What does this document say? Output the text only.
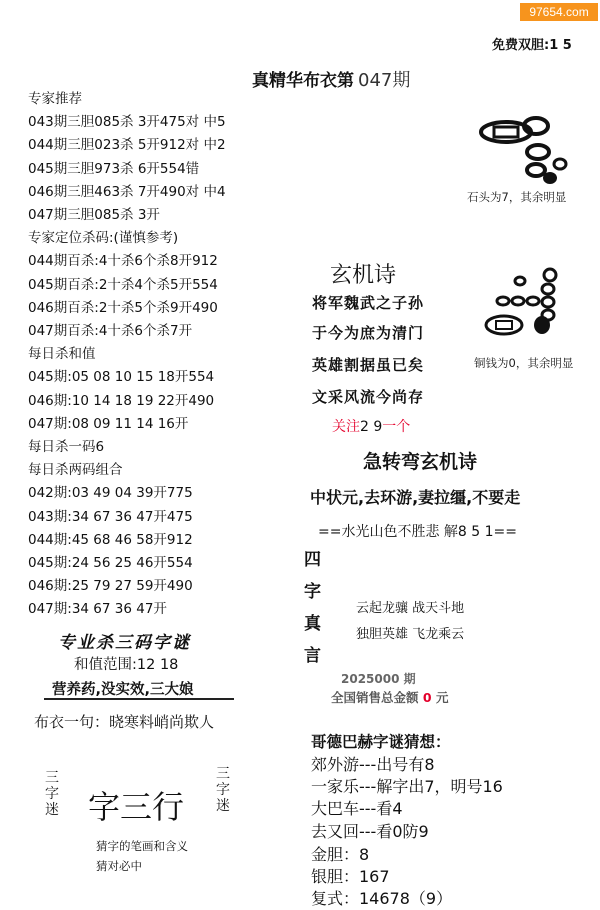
97654.com
免费双胆:1 5
真精华布衣第 047期
专家推荐
043期三胆085杀 3开475对 中5
044期三胆023杀 5开912对 中2
045期三胆973杀 6开554错
046期三胆463杀 7开490对 中4
047期三胆085杀 3开
专家定位杀码:(谨慎参考)
044期百杀:4十杀6个杀8开912
045期百杀:2十杀4个杀5开554
046期百杀:2十杀5个杀9开490
047期百杀:4十杀6个杀7开
每日杀和值
045期:05 08 10 15 18开554
046期:10 14 18 19 22开490
047期:08 09 11 14 16开
每日杀一码6
每日杀两码组合
042期:03 49 04 39开775
043期:34 67 36 47开475
044期:45 68 46 58开912
045期:24 56 25 46开554
046期:25 79 27 59开490
047期:34 67 36 47开
石头为7，其余明显
铜钱为0，其余明显
玄机诗
将军魏武之子孙
于今为庶为清门
英雄割据虽已矣
文采风流今尚存
关注2 9一个
急转弯玄机诗
中状元,去环游,妻拉缰,不要走
==水光山色不胜悲 解8 5 1==
四
字
真
言
云起龙骧 战天斗地
独胆英雄 飞龙乘云
2025000 期
全国销售总金额 0 元
哥德巴赫字谜猜想：
郊外游---出号有8
一家乐---解字出7，明号16
大巴车---看4
去又回---看0防9
金胆：8
银胆：167
复式：14678（9）
专业杀三码字谜
和值范围:12 18
营养药,没实效,三大娘
布衣一句：晓寒料峭尚欺人
三字迷 字三行
三字迷
猜字的笔画和含义
猜对必中
